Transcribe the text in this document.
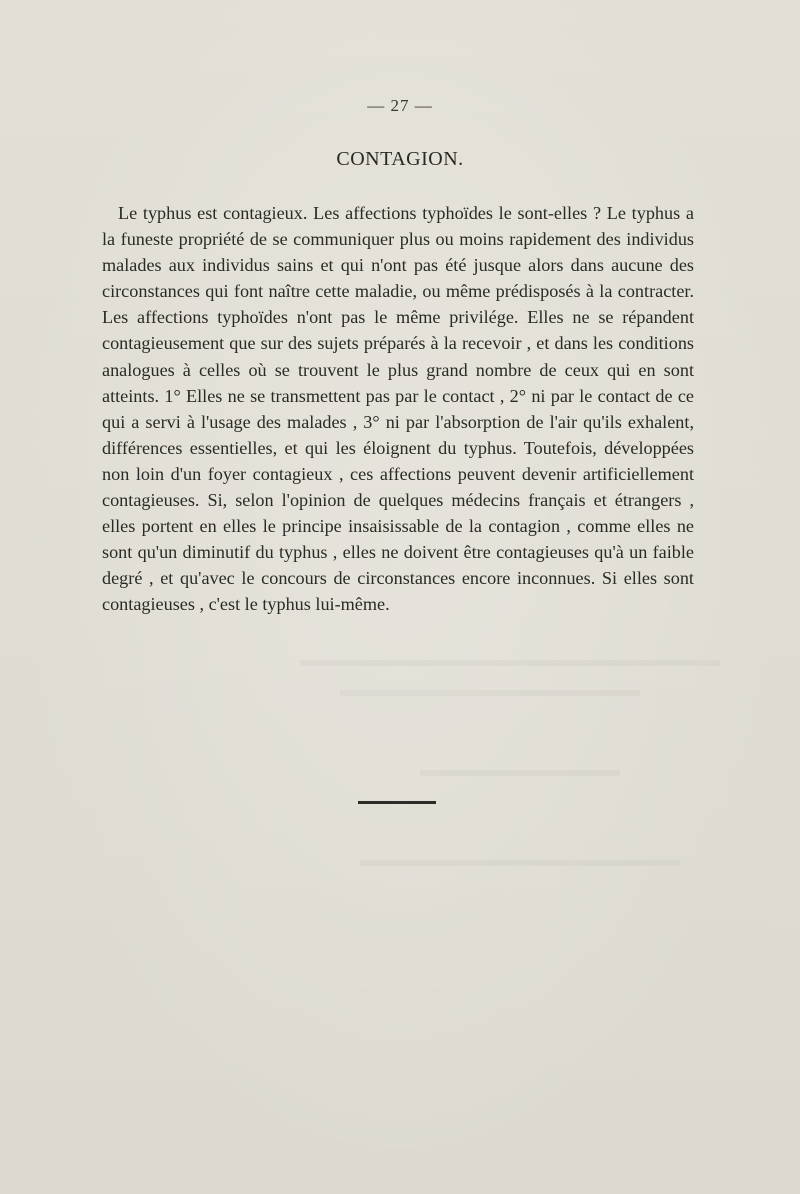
— 27 —
CONTAGION.

Le typhus est contagieux. Les affections typhoïdes le sont-elles ? Le typhus a la funeste propriété de se communiquer plus ou moins rapidement des individus malades aux individus sains et qui n'ont pas été jusque alors dans aucune des circonstances qui font naître cette maladie, ou même prédisposés à la contracter. Les affections typhoïdes n'ont pas le même privilége. Elles ne se répandent contagieusement que sur des sujets préparés à la recevoir , et dans les conditions analogues à celles où se trouvent le plus grand nombre de ceux qui en sont atteints. 1° Elles ne se transmettent pas par le contact , 2° ni par le contact de ce qui a servi à l'usage des malades , 3° ni par l'absorption de l'air qu'ils exhalent, différences essentielles, et qui les éloignent du typhus. Toutefois, développées non loin d'un foyer contagieux , ces affections peuvent devenir artificiellement contagieuses. Si, selon l'opinion de quelques médecins français et étrangers , elles portent en elles le principe insaisissable de la contagion , comme elles ne sont qu'un diminutif du typhus , elles ne doivent être contagieuses qu'à un faible degré , et qu'avec le concours de circonstances encore inconnues. Si elles sont contagieuses , c'est le typhus lui-même.
